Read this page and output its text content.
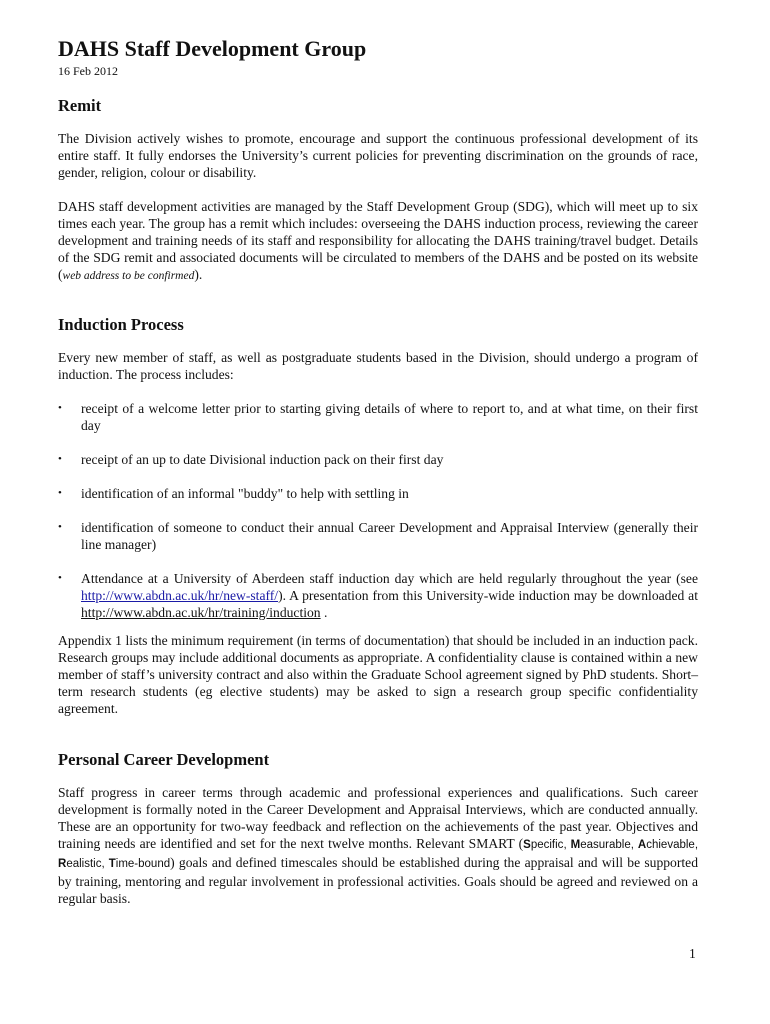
DAHS Staff Development Group
16 Feb 2012
Remit

The Division actively wishes to promote, encourage and support the continuous professional development of its entire staff. It fully endorses the University’s current policies for preventing discrimination on the grounds of race, gender, religion, colour or disability.

DAHS staff development activities are managed by the Staff Development Group (SDG), which will meet up to six times each year. The group has a remit which includes: overseeing the DAHS induction process, reviewing the career development and training needs of its staff and responsibility for allocating the DAHS training/travel budget. Details of the SDG remit and associated documents will be circulated to members of the DAHS and be posted on its website (web address to be confirmed).

Induction Process

Every new member of staff, as well as postgraduate students based in the Division, should undergo a program of induction. The process includes:

•	receipt of a welcome letter prior to starting giving details of where to report to, and at what time, on their first day
•	receipt of an up to date Divisional induction pack on their first day
•	identification of an informal "buddy" to help with settling in
•	identification of someone to conduct their annual Career Development and Appraisal Interview (generally their line manager)
•	Attendance at a University of Aberdeen staff induction day which are held regularly throughout the year (see http://www.abdn.ac.uk/hr/new-staff/). A presentation from this University-wide induction may be downloaded at http://www.abdn.ac.uk/hr/training/induction .

Appendix 1 lists the minimum requirement (in terms of documentation) that should be included in an induction pack. Research groups may include additional documents as appropriate. A confidentiality clause is contained within a new member of staff’s university contract and also within the Graduate School agreement signed by PhD students. Short–term research students (eg elective students) may be asked to sign a research group specific confidentiality agreement.

Personal Career Development

Staff progress in career terms through academic and professional experiences and qualifications. Such career development is formally noted in the Career Development and Appraisal Interviews, which are conducted annually. These are an opportunity for two-way feedback and reflection on the achievements of the past year. Objectives and training needs are identified and set for the next twelve months. Relevant SMART (Specific, Measurable, Achievable, Realistic, Time-bound) goals and defined timescales should be established during the appraisal and will be supported by training, mentoring and regular involvement in professional activities. Goals should be agreed and reviewed on a regular basis.

1
